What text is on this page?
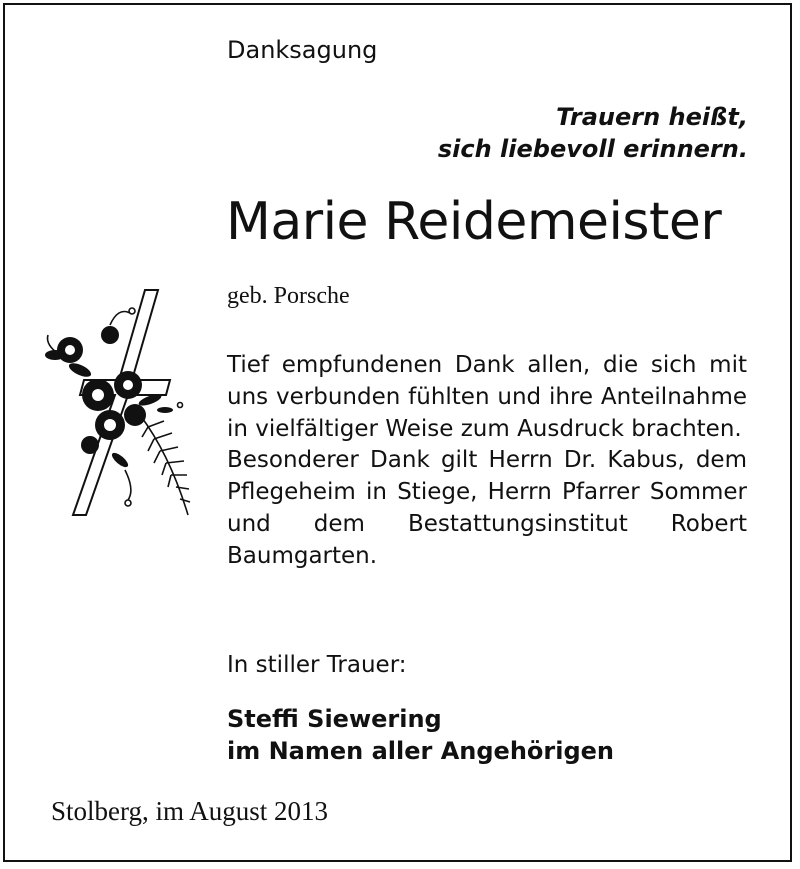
Danksagung
Trauern heißt,
sich liebevoll erinnern.
Marie Reidemeister
geb. Porsche

Tief empfundenen Dank allen, die sich mit uns verbunden fühlten und ihre Anteilnahme in vielfältiger Weise zum Ausdruck brachten.

Besonderer Dank gilt Herrn Dr. Kabus, dem Pflegeheim in Stiege, Herrn Pfarrer Sommer und dem Bestattungsinstitut Robert Baumgarten.

In stiller Trauer:
Steffi Siewering
im Namen aller Angehörigen
Stolberg, im August 2013
